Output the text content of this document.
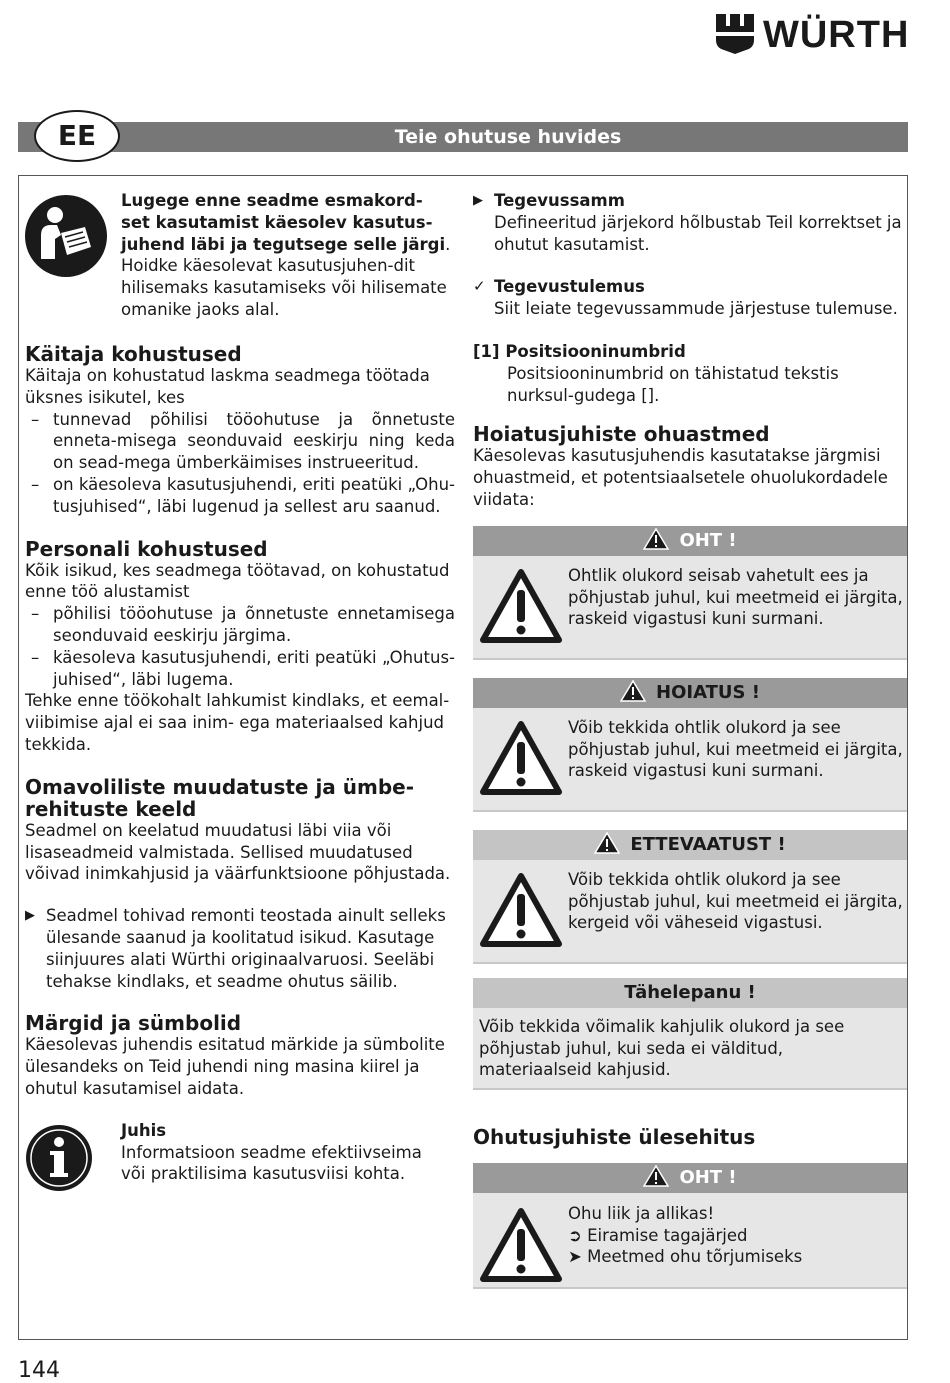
WÜRTH
Teie ohutuse huvides
EE
Lugege enne seadme esmakord-set kasutamist käesolev kasutus-juhend läbi ja tegutsege selle järgi. Hoidke käesolevat kasutusjuhen-dit hilisemaks kasutamiseks või hilisemate omanike jaoks alal.
Käitaja kohustused

Käitaja on kohustatud laskma seadmega töötada üksnes isikutel, kes

– tunnevad põhilisi tööohutuse ja õnnetuste enneta-misega seonduvaid eeskirju ning keda on sead-mega ümberkäimises instrueeritud.
– on käesoleva kasutusjuhendi, eriti peatüki „Ohu-tusjuhised“, läbi lugenud ja sellest aru saanud.
Personali kohustused

Kõik isikud, kes seadmega töötavad, on kohustatud enne töö alustamist

– põhilisi tööohutuse ja õnnetuste ennetamisega seonduvaid eeskirju järgima.
– käesoleva kasutusjuhendi, eriti peatüki „Ohutus-juhised“, läbi lugema.

Tehke enne töökohalt lahkumist kindlaks, et eemal-viibimise ajal ei saa inim- ega materiaalsed kahjud tekkida.

Omavoliliste muudatuste ja ümbe-rehituste keeld

Seadmel on keelatud muudatusi läbi viia või lisaseadmeid valmistada. Sellised muudatused võivad inimkahjusid ja väärfunktsioone põhjustada.

▶ Seadmel tohivad remonti teostada ainult selleks ülesande saanud ja koolitatud isikud. Kasutage siinjuures alati Würthi originaalvaruosi. Seeläbi tehakse kindlaks, et seadme ohutus säilib.
Märgid ja sümbolid

Käesolevas juhendis esitatud märkide ja sümbolite ülesandeks on Teid juhendi ning masina kiirel ja ohutul kasutamisel aidata.

Juhis
Informatsioon seadme efektiivseima või praktilisima kasutusviisi kohta.
▶ Tegevussamm
Defineeritud järjekord hõlbustab Teil korrektset ja ohutut kasutamist.
✓ Tegevustulemus
Siit leiate tegevussammude järjestuse tulemuse.
[1] Positsiooninumbrid
Positsiooninumbrid on tähistatud tekstis nurksul-gudega [].
Hoiatusjuhiste ohuastmed

Käesolevas kasutusjuhendis kasutatakse järgmisi ohuastmeid, et potentsiaalsetele ohuolukordadele viidata:

OHT !
Ohtlik olukord seisab vahetult ees ja põhjustab juhul, kui meetmeid ei järgita, raskeid vigastusi kuni surmani.
HOIATUS !
Võib tekkida ohtlik olukord ja see põhjustab juhul, kui meetmeid ei järgita, raskeid vigastusi kuni surmani.
ETTEVAATUST !
Võib tekkida ohtlik olukord ja see põhjustab juhul, kui meetmeid ei järgita, kergeid või väheseid vigastusi.
Tähelepanu !
Võib tekkida võimalik kahjulik olukord ja see põhjustab juhul, kui seda ei välditud, materiaalseid kahjusid.
Ohutusjuhiste ülesehitus
OHT !
Ohu liik ja allikas!
➲ Eiramise tagajärjed
➤ Meetmed ohu tõrjumiseks
144
